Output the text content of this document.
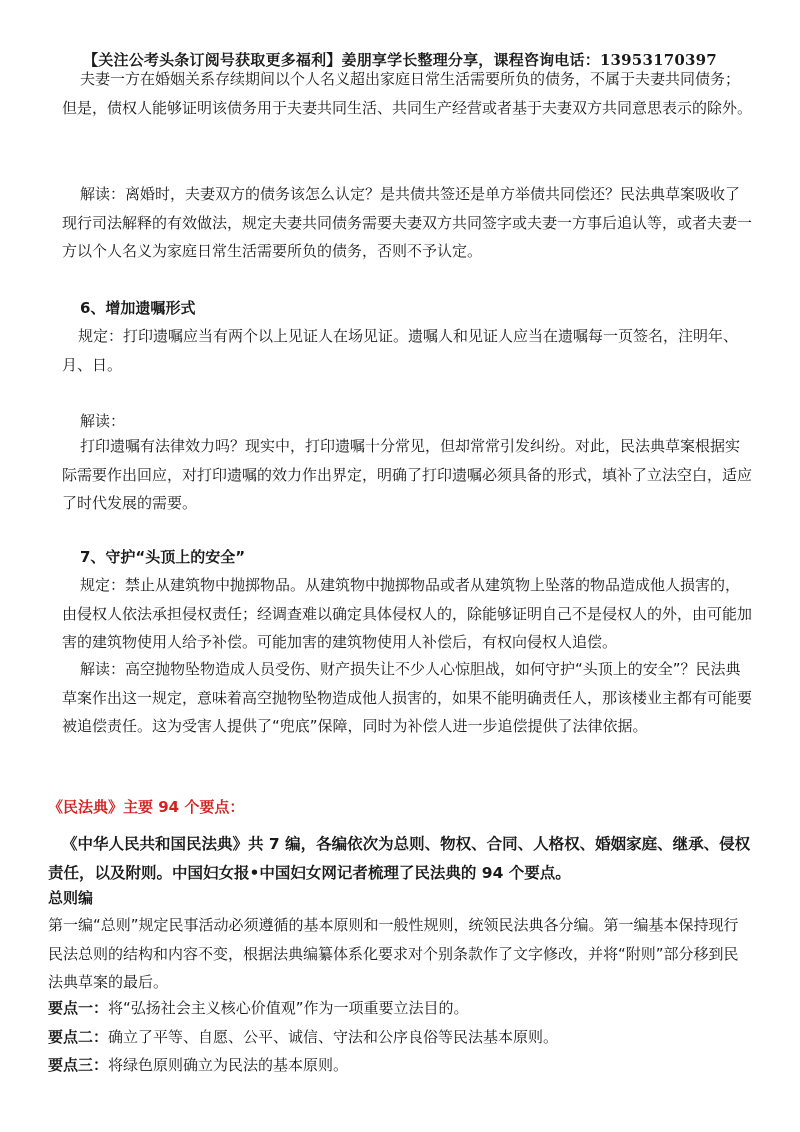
【关注公考头条订阅号获取更多福利】姜朋享学长整理分享，课程咨询电话：13953170397

夫妻一方在婚姻关系存续期间以个人名义超出家庭日常生活需要所负的债务，不属于夫妻共同债务；但是，债权人能够证明该债务用于夫妻共同生活、共同生产经营或者基于夫妻双方共同意思表示的除外。

解读：离婚时，夫妻双方的债务该怎么认定？是共债共签还是单方举债共同偿还？民法典草案吸收了现行司法解释的有效做法，规定夫妻共同债务需要夫妻双方共同签字或夫妻一方事后追认等，或者夫妻一方以个人名义为家庭日常生活需要所负的债务，否则不予认定。

6、增加遗嘱形式

规定：打印遗嘱应当有两个以上见证人在场见证。遗嘱人和见证人应当在遗嘱每一页签名，注明年、月、日。

解读：

打印遗嘱有法律效力吗？现实中，打印遗嘱十分常见，但却常常引发纠纷。对此，民法典草案根据实际需要作出回应，对打印遗嘱的效力作出界定，明确了打印遗嘱必须具备的形式，填补了立法空白，适应了时代发展的需要。

7、守护“头顶上的安全”

规定：禁止从建筑物中抛掷物品。从建筑物中抛掷物品或者从建筑物上坠落的物品造成他人损害的，由侵权人依法承担侵权责任；经调查难以确定具体侵权人的，除能够证明自己不是侵权人的外，由可能加害的建筑物使用人给予补偿。可能加害的建筑物使用人补偿后，有权向侵权人追偿。

解读：高空抛物坠物造成人员受伤、财产损失让不少人心惊胆战，如何守护“头顶上的安全”？民法典草案作出这一规定，意味着高空抛物坠物造成他人损害的，如果不能明确责任人，那该楼业主都有可能要被追偿责任。这为受害人提供了“兜底”保障，同时为补偿人进一步追偿提供了法律依据。

《民法典》主要 94 个要点：

《中华人民共和国民法典》共 7 编，各编依次为总则、物权、合同、人格权、婚姻家庭、继承、侵权责任，以及附则。中国妇女报•中国妇女网记者梳理了民法典的 94 个要点。

总则编

第一编“总则”规定民事活动必须遵循的基本原则和一般性规则，统领民法典各分编。第一编基本保持现行民法总则的结构和内容不变，根据法典编纂体系化要求对个别条款作了文字修改，并将“附则”部分移到民法典草案的最后。

要点一：将“弘扬社会主义核心价值观”作为一项重要立法目的。

要点二：确立了平等、自愿、公平、诚信、守法和公序良俗等民法基本原则。

要点三：将绿色原则确立为民法的基本原则。
